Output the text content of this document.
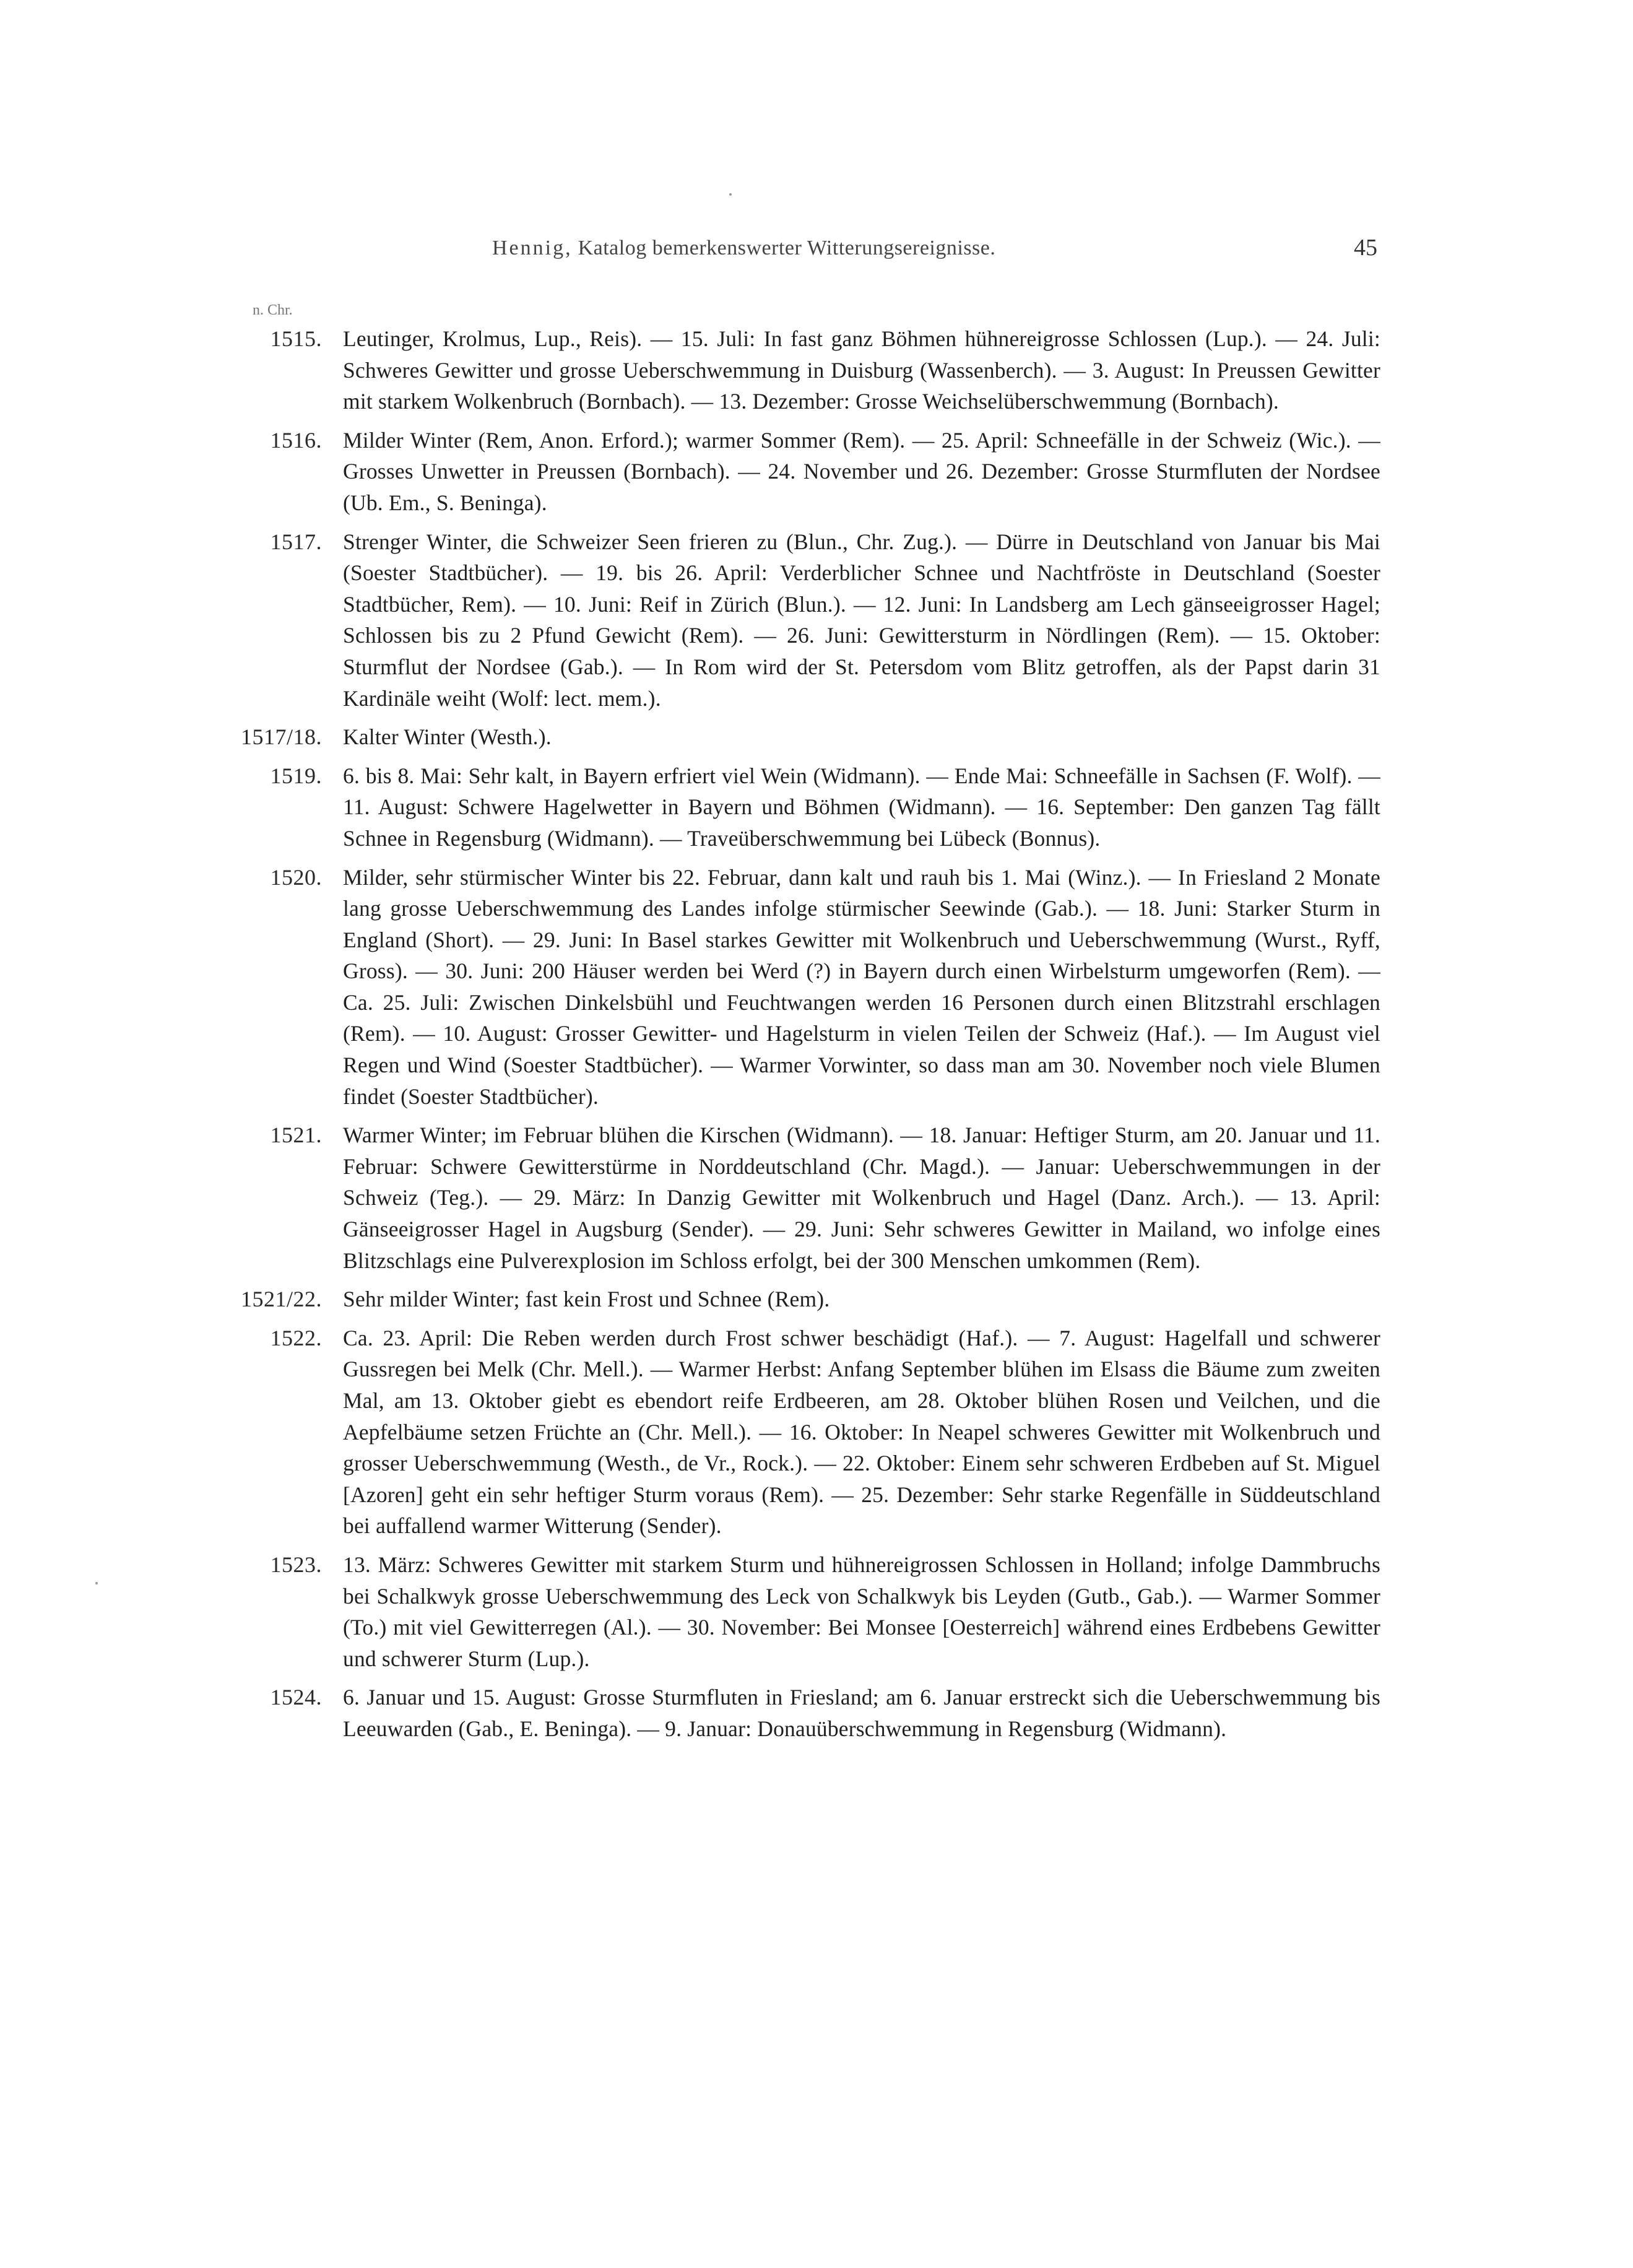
Hennig, Katalog bemerkenswerter Witterungsereignisse.	45
n. Chr.
1515. Leutinger, Krolmus, Lup., Reis). — 15. Juli: In fast ganz Böhmen hühnereigrosse Schlossen (Lup.). — 24. Juli: Schweres Gewitter und grosse Ueberschwemmung in Duisburg (Wassenberch). — 3. August: In Preussen Gewitter mit starkem Wolkenbruch (Bornbach). — 13. Dezember: Grosse Weichselüberschwemmung (Bornbach).
1516. Milder Winter (Rem, Anon. Erford.); warmer Sommer (Rem). — 25. April: Schneefälle in der Schweiz (Wic.). — Grosses Unwetter in Preussen (Bornbach). — 24. November und 26. Dezember: Grosse Sturmfluten der Nordsee (Ub. Em., S. Beninga).
1517. Strenger Winter, die Schweizer Seen frieren zu (Blun., Chr. Zug.). — Dürre in Deutschland von Januar bis Mai (Soester Stadtbücher). — 19. bis 26. April: Verderblicher Schnee und Nachtfröste in Deutschland (Soester Stadtbücher, Rem). — 10. Juni: Reif in Zürich (Blun.). — 12. Juni: In Landsberg am Lech gänseeigrosser Hagel; Schlossen bis zu 2 Pfund Gewicht (Rem). — 26. Juni: Gewittersturm in Nördlingen (Rem). — 15. Oktober: Sturmflut der Nordsee (Gab.). — In Rom wird der St. Petersdom vom Blitz getroffen, als der Papst darin 31 Kardinäle weiht (Wolf: lect. mem.).
1517/18. Kalter Winter (Westh.).
1519. 6. bis 8. Mai: Sehr kalt, in Bayern erfriert viel Wein (Widmann). — Ende Mai: Schneefälle in Sachsen (F. Wolf). — 11. August: Schwere Hagelwetter in Bayern und Böhmen (Widmann). — 16. September: Den ganzen Tag fällt Schnee in Regensburg (Widmann). — Traveüberschwemmung bei Lübeck (Bonnus).
1520. Milder, sehr stürmischer Winter bis 22. Februar, dann kalt und rauh bis 1. Mai (Winz.). — In Friesland 2 Monate lang grosse Ueberschwemmung des Landes infolge stürmischer Seewinde (Gab.). — 18. Juni: Starker Sturm in England (Short). — 29. Juni: In Basel starkes Gewitter mit Wolkenbruch und Ueberschwemmung (Wurst., Ryff, Gross). — 30. Juni: 200 Häuser werden bei Werd (?) in Bayern durch einen Wirbelsturm umgeworfen (Rem). — Ca. 25. Juli: Zwischen Dinkelsbühl und Feuchtwangen werden 16 Personen durch einen Blitzstrahl erschlagen (Rem). — 10. August: Grosser Gewitter- und Hagelsturm in vielen Teilen der Schweiz (Haf.). — Im August viel Regen und Wind (Soester Stadtbücher). — Warmer Vorwinter, so dass man am 30. November noch viele Blumen findet (Soester Stadtbücher).
1521. Warmer Winter; im Februar blühen die Kirschen (Widmann). — 18. Januar: Heftiger Sturm, am 20. Januar und 11. Februar: Schwere Gewitterstürme in Norddeutschland (Chr. Magd.). — Januar: Ueberschwemmungen in der Schweiz (Teg.). — 29. März: In Danzig Gewitter mit Wolkenbruch und Hagel (Danz. Arch.). — 13. April: Gänseeigrosser Hagel in Augsburg (Sender). — 29. Juni: Sehr schweres Gewitter in Mailand, wo infolge eines Blitzschlags eine Pulverexplosion im Schloss erfolgt, bei der 300 Menschen umkommen (Rem).
1521/22. Sehr milder Winter; fast kein Frost und Schnee (Rem).
1522. Ca. 23. April: Die Reben werden durch Frost schwer beschädigt (Haf.). — 7. August: Hagelfall und schwerer Gussregen bei Melk (Chr. Mell.). — Warmer Herbst: Anfang September blühen im Elsass die Bäume zum zweiten Mal, am 13. Oktober giebt es ebendort reife Erdbeeren, am 28. Oktober blühen Rosen und Veilchen, und die Aepfelbäume setzen Früchte an (Chr. Mell.). — 16. Oktober: In Neapel schweres Gewitter mit Wolkenbruch und grosser Ueberschwemmung (Westh., de Vr., Rock.). — 22. Oktober: Einem sehr schweren Erdbeben auf St. Miguel [Azoren] geht ein sehr heftiger Sturm voraus (Rem). — 25. Dezember: Sehr starke Regenfälle in Süddeutschland bei auffallend warmer Witterung (Sender).
1523. 13. März: Schweres Gewitter mit starkem Sturm und hühnereigrossen Schlossen in Holland; infolge Dammbruchs bei Schalkwyk grosse Ueberschwemmung des Leck von Schalkwyk bis Leyden (Gutb., Gab.). — Warmer Sommer (To.) mit viel Gewitterregen (Al.). — 30. November: Bei Monsee [Oesterreich] während eines Erdbebens Gewitter und schwerer Sturm (Lup.).
1524. 6. Januar und 15. August: Grosse Sturmfluten in Friesland; am 6. Januar erstreckt sich die Ueberschwemmung bis Leeuwarden (Gab., E. Beninga). — 9. Januar: Donauüberschwemmung in Regensburg (Widmann).
